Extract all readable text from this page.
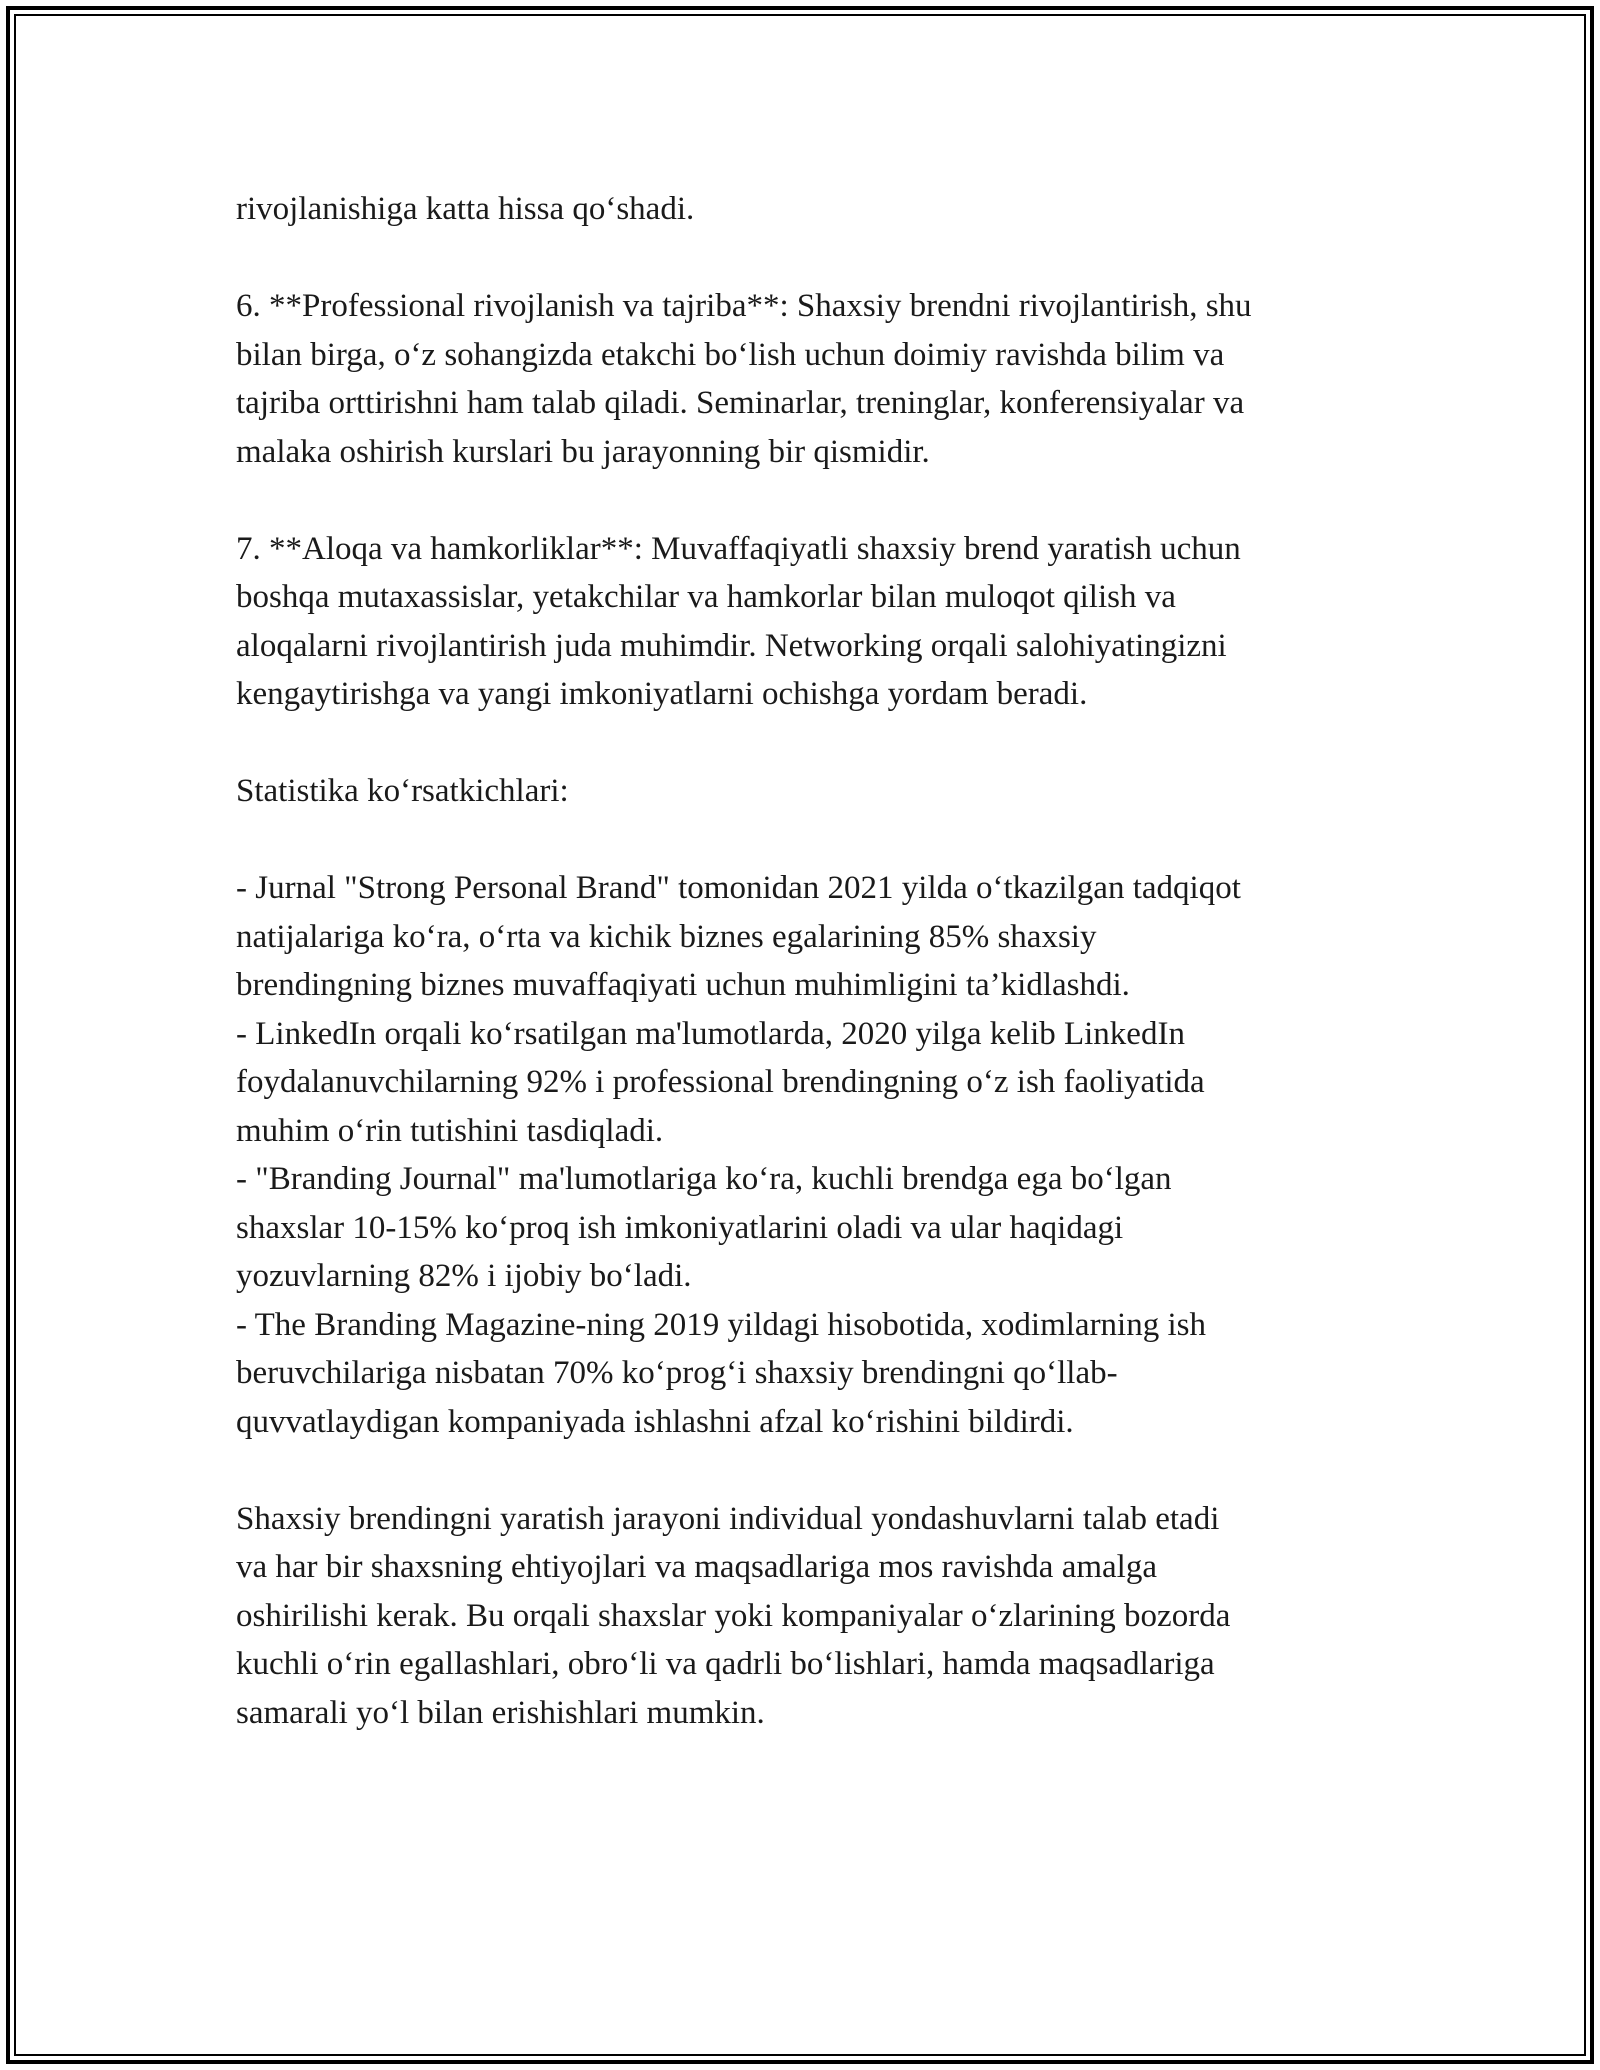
rivojlanishiga katta hissa qo‘shadi.
6. **Professional rivojlanish va tajriba**: Shaxsiy brendni rivojlantirish, shu
bilan birga, o‘z sohangizda etakchi bo‘lish uchun doimiy ravishda bilim va
tajriba orttirishni ham talab qiladi. Seminarlar, treninglar, konferensiyalar va
malaka oshirish kurslari bu jarayonning bir qismidir.
7. **Aloqa va hamkorliklar**: Muvaffaqiyatli shaxsiy brend yaratish uchun
boshqa mutaxassislar, yetakchilar va hamkorlar bilan muloqot qilish va
aloqalarni rivojlantirish juda muhimdir. Networking orqali salohiyatingizni
kengaytirishga va yangi imkoniyatlarni ochishga yordam beradi.
Statistika ko‘rsatkichlari:
- Jurnal "Strong Personal Brand" tomonidan 2021 yilda o‘tkazilgan tadqiqot
natijalariga ko‘ra, o‘rta va kichik biznes egalarining 85% shaxsiy
brendingning biznes muvaffaqiyati uchun muhimligini ta’kidlashdi.
- LinkedIn orqali ko‘rsatilgan ma'lumotlarda, 2020 yilga kelib LinkedIn
foydalanuvchilarning 92% i professional brendingning o‘z ish faoliyatida
muhim o‘rin tutishini tasdiqladi.
- "Branding Journal" ma'lumotlariga ko‘ra, kuchli brendga ega bo‘lgan
shaxslar 10-15% ko‘proq ish imkoniyatlarini oladi va ular haqidagi
yozuvlarning 82% i ijobiy bo‘ladi.
- The Branding Magazine-ning 2019 yildagi hisobotida, xodimlarning ish
beruvchilariga nisbatan 70% ko‘prog‘i shaxsiy brendingni qo‘llab-
quvvatlaydigan kompaniyada ishlashni afzal ko‘rishini bildirdi.
Shaxsiy brendingni yaratish jarayoni individual yondashuvlarni talab etadi
va har bir shaxsning ehtiyojlari va maqsadlariga mos ravishda amalga
oshirilishi kerak. Bu orqali shaxslar yoki kompaniyalar o‘zlarining bozorda
kuchli o‘rin egallashlari, obro‘li va qadrli bo‘lishlari, hamda maqsadlariga
samarali yo‘l bilan erishishlari mumkin.
